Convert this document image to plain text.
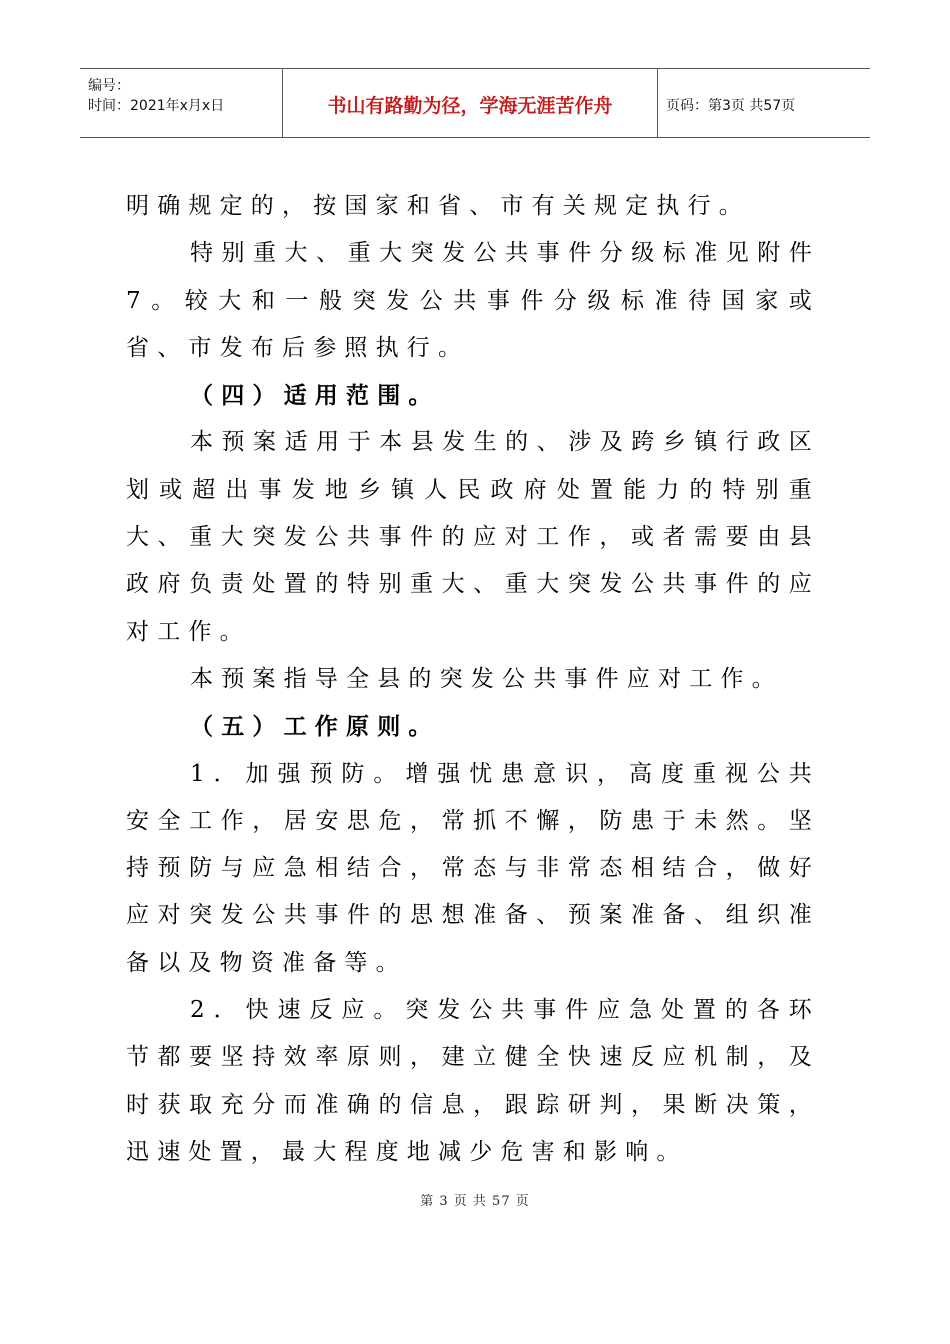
编号：
时间：2021年x月x日	书山有路勤为径，学海无涯苦作舟	页码：第3页 共57页

明确规定的，按国家和省、市有关规定执行。

特别重大、重大突发公共事件分级标准见附件7。较大和一般突发公共事件分级标准待国家或省、市发布后参照执行。

（四）适用范围。

本预案适用于本县发生的、涉及跨乡镇行政区划或超出事发地乡镇人民政府处置能力的特别重大、重大突发公共事件的应对工作，或者需要由县政府负责处置的特别重大、重大突发公共事件的应对工作。

本预案指导全县的突发公共事件应对工作。

（五）工作原则。

1．加强预防。增强忧患意识，高度重视公共安全工作，居安思危，常抓不懈，防患于未然。坚持预防与应急相结合，常态与非常态相结合，做好应对突发公共事件的思想准备、预案准备、组织准备以及物资准备等。

2．快速反应。突发公共事件应急处置的各环节都要坚持效率原则，建立健全快速反应机制，及时获取充分而准确的信息，跟踪研判，果断决策，迅速处置，最大程度地减少危害和影响。

第 3 页 共 57 页
